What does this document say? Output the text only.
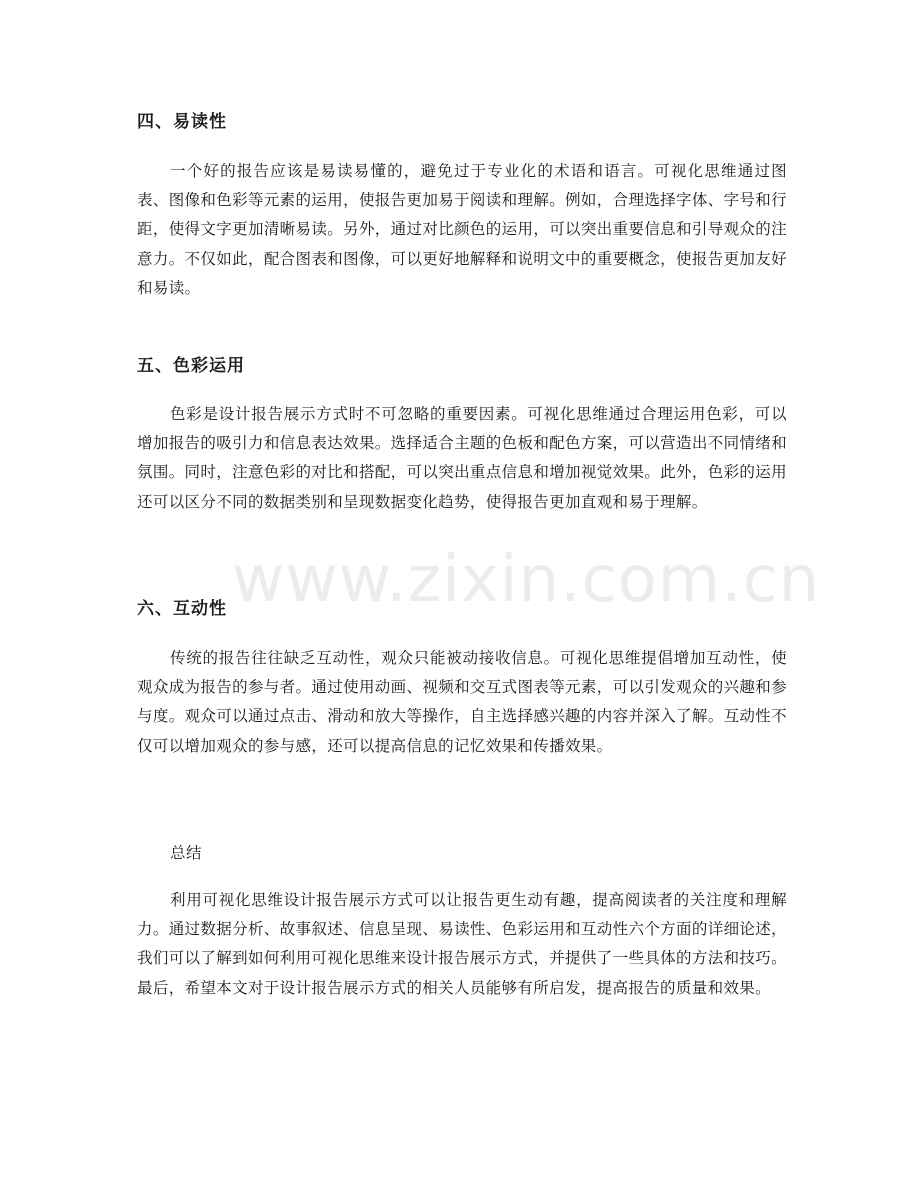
四、易读性

一个好的报告应该是易读易懂的，避免过于专业化的术语和语言。可视化思维通过图表、图像和色彩等元素的运用，使报告更加易于阅读和理解。例如，合理选择字体、字号和行距，使得文字更加清晰易读。另外，通过对比颜色的运用，可以突出重要信息和引导观众的注意力。不仅如此，配合图表和图像，可以更好地解释和说明文中的重要概念，使报告更加友好和易读。

五、色彩运用

色彩是设计报告展示方式时不可忽略的重要因素。可视化思维通过合理运用色彩，可以增加报告的吸引力和信息表达效果。选择适合主题的色板和配色方案，可以营造出不同情绪和氛围。同时，注意色彩的对比和搭配，可以突出重点信息和增加视觉效果。此外，色彩的运用还可以区分不同的数据类别和呈现数据变化趋势，使得报告更加直观和易于理解。

六、互动性

传统的报告往往缺乏互动性，观众只能被动接收信息。可视化思维提倡增加互动性，使观众成为报告的参与者。通过使用动画、视频和交互式图表等元素，可以引发观众的兴趣和参与度。观众可以通过点击、滑动和放大等操作，自主选择感兴趣的内容并深入了解。互动性不仅可以增加观众的参与感，还可以提高信息的记忆效果和传播效果。

总结

利用可视化思维设计报告展示方式可以让报告更生动有趣，提高阅读者的关注度和理解力。通过数据分析、故事叙述、信息呈现、易读性、色彩运用和互动性六个方面的详细论述，我们可以了解到如何利用可视化思维来设计报告展示方式，并提供了一些具体的方法和技巧。最后，希望本文对于设计报告展示方式的相关人员能够有所启发，提高报告的质量和效果。

www.zixin.com.cn
